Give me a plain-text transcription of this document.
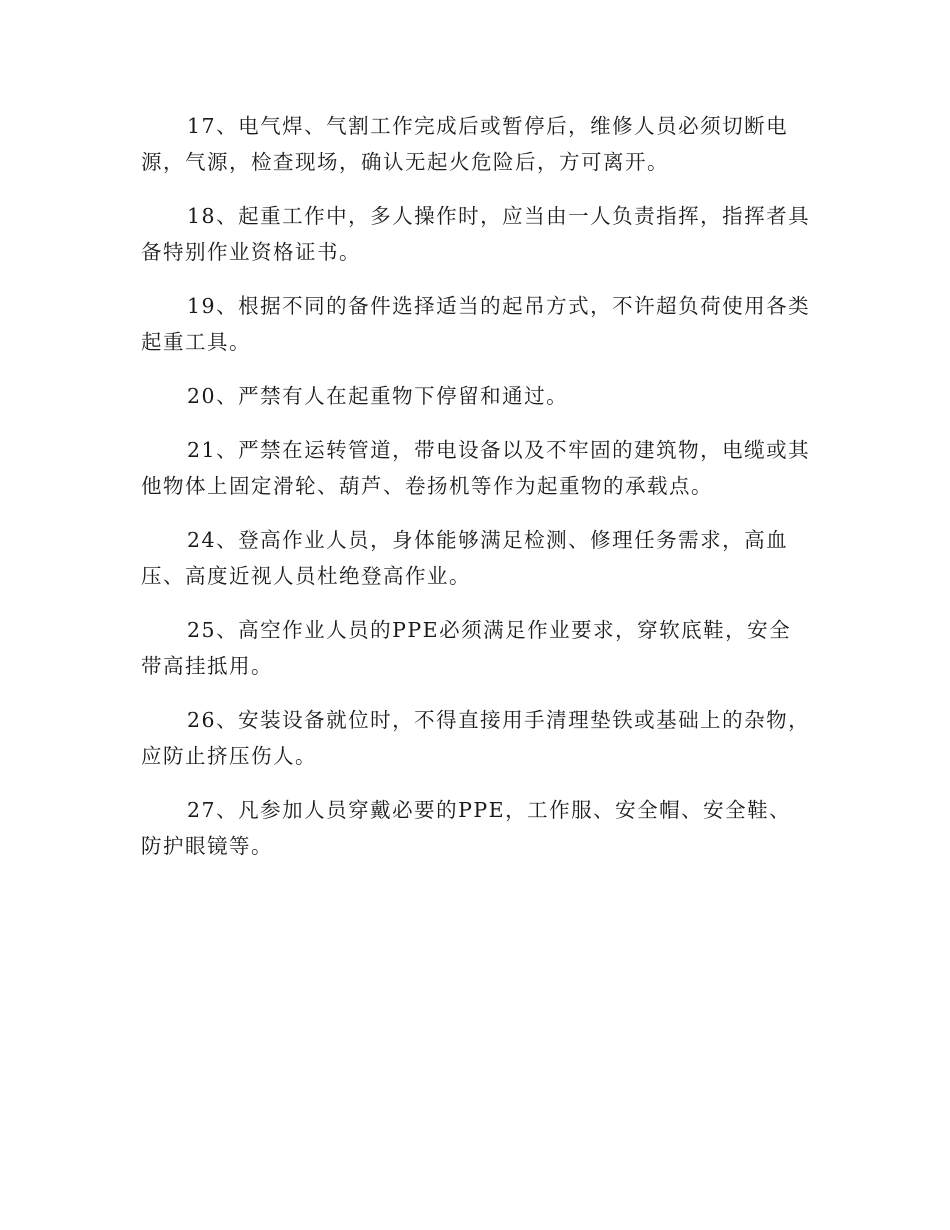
17、电气焊、气割工作完成后或暂停后，维修人员必须切断电源，气源，检查现场，确认无起火危险后，方可离开。

18、起重工作中，多人操作时，应当由一人负责指挥，指挥者具备特别作业资格证书。

19、根据不同的备件选择适当的起吊方式，不许超负荷使用各类起重工具。

20、严禁有人在起重物下停留和通过。

21、严禁在运转管道，带电设备以及不牢固的建筑物，电缆或其他物体上固定滑轮、葫芦、卷扬机等作为起重物的承载点。

24、登高作业人员，身体能够满足检测、修理任务需求，高血压、高度近视人员杜绝登高作业。

25、高空作业人员的PPE必须满足作业要求，穿软底鞋，安全带高挂抵用。

26、安装设备就位时，不得直接用手清理垫铁或基础上的杂物，应防止挤压伤人。

27、凡参加人员穿戴必要的PPE，工作服、安全帽、安全鞋、防护眼镜等。
